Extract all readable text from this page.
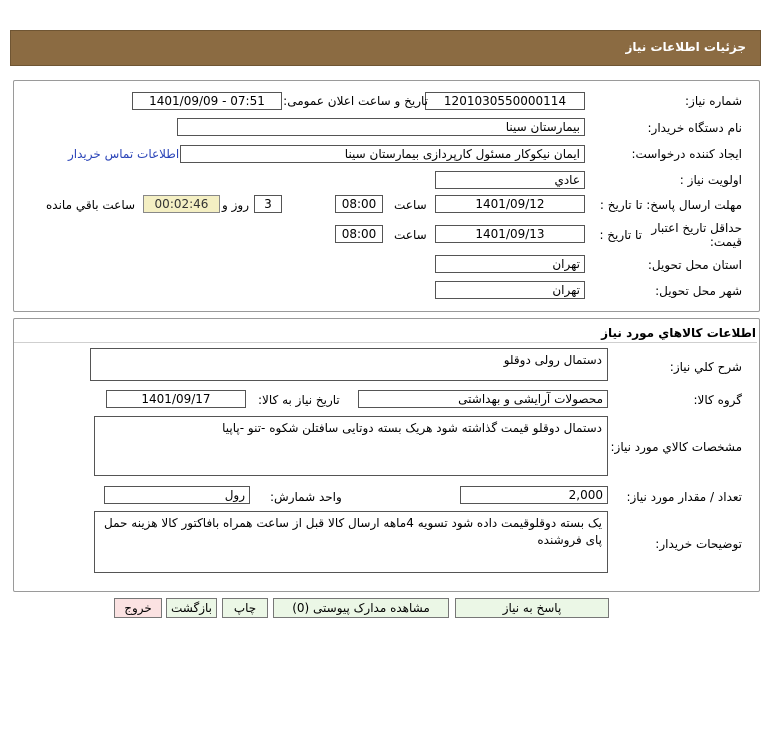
جزئيات اطلاعات نياز
شماره نياز:
1201030550000114
تاريخ و ساعت اعلان عمومی:
1401/09/09 - 07:51
نام دستگاه خريدار:
بيمارستان سينا
ايجاد کننده درخواست:
ايمان نيکوکار مسئول کارپردازی بيمارستان سينا
اطلاعات تماس خريدار
اولويت نياز :
عادي
مهلت ارسال پاسخ: تا تاريخ :
1401/09/12
ساعت
08:00
3
روز و
00:02:46
ساعت باقي مانده
حداقل تاريخ اعتبار قيمت:
تا تاريخ :
1401/09/13
ساعت
08:00
استان محل تحويل:
تهران
شهر محل تحويل:
تهران
اطلاعات کالاهاي مورد نياز
شرح کلي نياز:
دستمال رولی دوقلو
گروه کالا:
محصولات آرايشی و بهداشتی
تاريخ نياز به کالا:
1401/09/17
مشخصات کالاي مورد نياز:
دستمال دوقلو قيمت گذاشته شود هريک بسته دوتايی سافتلن شکوه -تنو -پاپيا
تعداد / مقدار مورد نياز:
2,000
واحد شمارش:
رول
توضيحات خريدار:
يک بسته دوقلوقيمت داده شود تسويه 4ماهه ارسال کالا قبل از ساعت همراه بافاکتور کالا هزينه حمل پای فروشنده
پاسخ به نياز
مشاهده مدارک پيوستی (0)
چاپ
بازگشت
خروج
